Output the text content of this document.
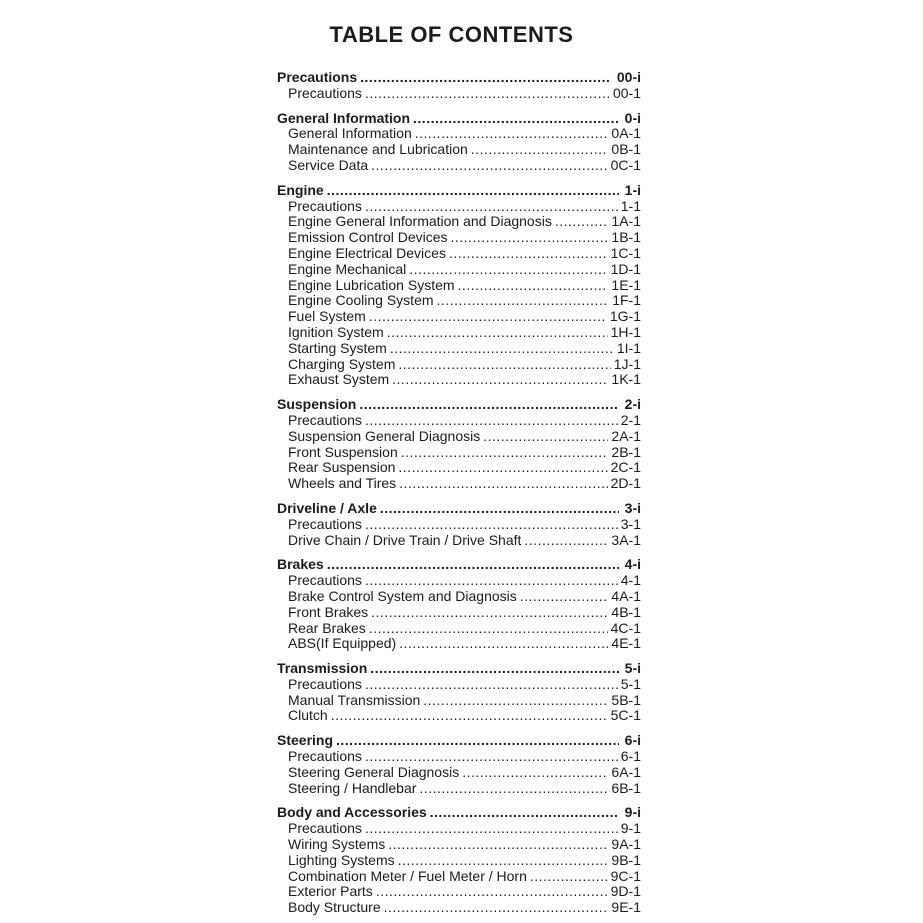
TABLE OF CONTENTS
Precautions .....	00-i
Precautions .....	00-1
General Information .....	0-i
General Information .....	0A-1
Maintenance and Lubrication .....	0B-1
Service Data .....	0C-1
Engine .....	1-i
Precautions .....	1-1
Engine General Information and Diagnosis .....	1A-1
Emission Control Devices .....	1B-1
Engine Electrical Devices .....	1C-1
Engine Mechanical .....	1D-1
Engine Lubrication System .....	1E-1
Engine Cooling System .....	1F-1
Fuel System .....	1G-1
Ignition System .....	1H-1
Starting System .....	1I-1
Charging System .....	1J-1
Exhaust System .....	1K-1
Suspension .....	2-i
Precautions .....	2-1
Suspension General Diagnosis .....	2A-1
Front Suspension .....	2B-1
Rear Suspension .....	2C-1
Wheels and Tires .....	2D-1
Driveline / Axle .....	3-i
Precautions .....	3-1
Drive Chain / Drive Train / Drive Shaft .....	3A-1
Brakes .....	4-i
Precautions .....	4-1
Brake Control System and Diagnosis .....	4A-1
Front Brakes .....	4B-1
Rear Brakes .....	4C-1
ABS(If Equipped) .....	4E-1
Transmission .....	5-i
Precautions .....	5-1
Manual Transmission .....	5B-1
Clutch .....	5C-1
Steering .....	6-i
Precautions .....	6-1
Steering General Diagnosis .....	6A-1
Steering / Handlebar .....	6B-1
Body and Accessories .....	9-i
Precautions .....	9-1
Wiring Systems .....	9A-1
Lighting Systems .....	9B-1
Combination Meter / Fuel Meter / Horn .....	9C-1
Exterior Parts .....	9D-1
Body Structure .....	9E-1
